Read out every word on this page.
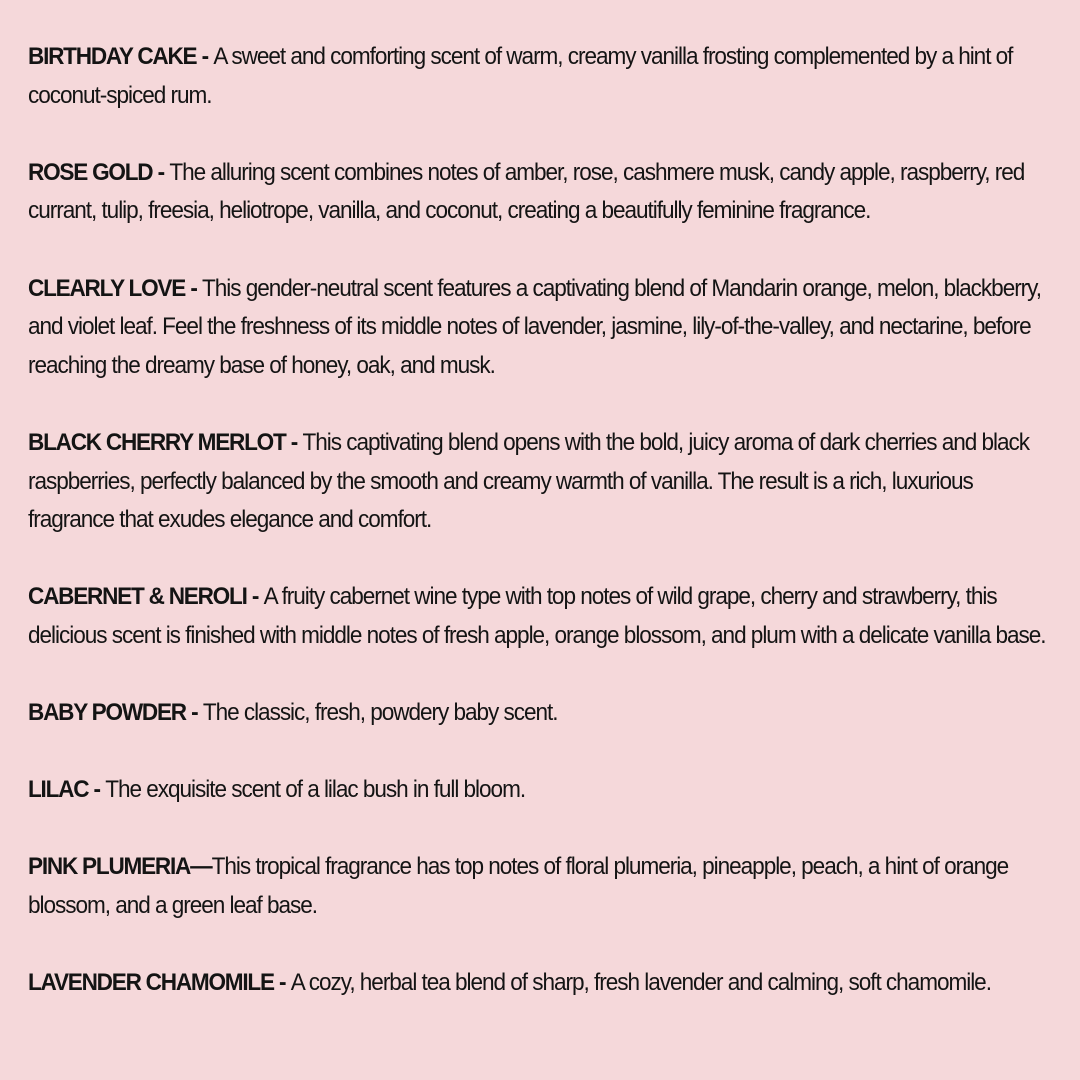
BIRTHDAY CAKE - A sweet and comforting scent of warm, creamy vanilla frosting complemented by a hint of coconut-spiced rum.
ROSE GOLD - The alluring scent combines notes of amber, rose, cashmere musk, candy apple, raspberry, red currant, tulip, freesia, heliotrope, vanilla, and coconut, creating a beautifully feminine fragrance.
CLEARLY LOVE - This gender-neutral scent features a captivating blend of Mandarin orange, melon, blackberry, and violet leaf. Feel the freshness of its middle notes of lavender, jasmine, lily-of-the-valley, and nectarine, before reaching the dreamy base of honey, oak, and musk.
BLACK CHERRY MERLOT - This captivating blend opens with the bold, juicy aroma of dark cherries and black raspberries, perfectly balanced by the smooth and creamy warmth of vanilla. The result is a rich, luxurious fragrance that exudes elegance and comfort.
CABERNET & NEROLI - A fruity cabernet wine type with top notes of wild grape, cherry and strawberry, this delicious scent is finished with middle notes of fresh apple, orange blossom, and plum with a delicate vanilla base.
BABY POWDER - The classic, fresh, powdery baby scent.
LILAC - The exquisite scent of a lilac bush in full bloom.
PINK PLUMERIA—This tropical fragrance has top notes of floral plumeria, pineapple, peach, a hint of orange blossom, and a green leaf base.
LAVENDER CHAMOMILE - A cozy, herbal tea blend of sharp, fresh lavender and calming, soft chamomile.
